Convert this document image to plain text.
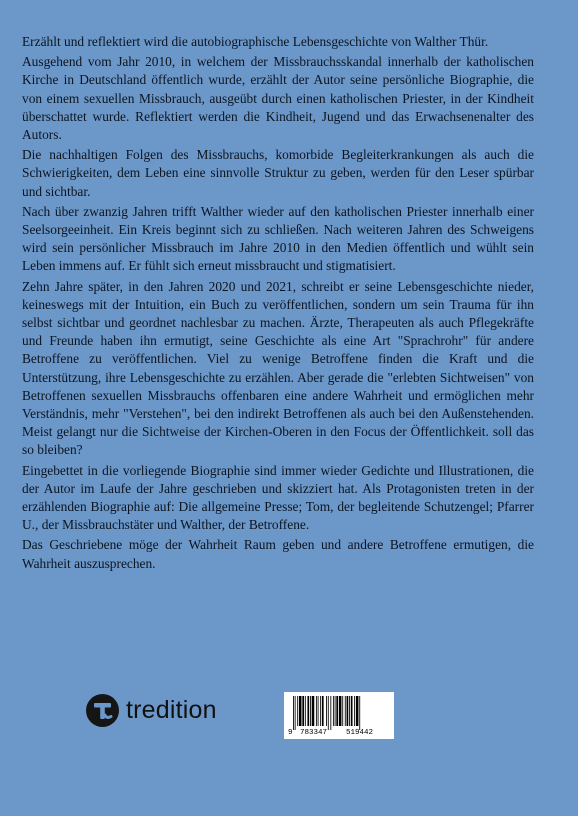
Erzählt und reflektiert wird die autobiographische Lebensgeschichte von Walther Thür.

Ausgehend vom Jahr 2010, in welchem der Missbrauchsskandal innerhalb der katholischen Kirche in Deutschland öffentlich wurde, erzählt der Autor seine persönliche Biographie, die von einem sexuellen Missbrauch, ausgeübt durch einen katholischen Priester, in der Kindheit überschattet wurde. Reflektiert werden die Kindheit, Jugend und das Erwachsenenalter des Autors.

Die nachhaltigen Folgen des Missbrauchs, komorbide Begleiterkrankungen als auch die Schwierigkeiten, dem Leben eine sinnvolle Struktur zu geben, werden für den Leser spürbar und sichtbar.

Nach über zwanzig Jahren trifft Walther wieder auf den katholischen Priester innerhalb einer Seelsorgeeinheit. Ein Kreis beginnt sich zu schließen. Nach weiteren Jahren des Schweigens wird sein persönlicher Missbrauch im Jahre 2010 in den Medien öffentlich und wühlt sein Leben immens auf. Er fühlt sich erneut missbraucht und stigmatisiert.

Zehn Jahre später, in den Jahren 2020 und 2021, schreibt er seine Lebensgeschichte nieder, keineswegs mit der Intuition, ein Buch zu veröffentlichen, sondern um sein Trauma für ihn selbst sichtbar und geordnet nachlesbar zu machen. Ärzte, Therapeuten als auch Pflegekräfte und Freunde haben ihn ermutigt, seine Geschichte als eine Art "Sprachrohr" für andere Betroffene zu veröffentlichen. Viel zu wenige Betroffene finden die Kraft und die Unterstützung, ihre Lebensgeschichte zu erzählen. Aber gerade die "erlebten Sichtweisen" von Betroffenen sexuellen Missbrauchs offenbaren eine andere Wahrheit und ermöglichen mehr Verständnis, mehr "Verstehen", bei den indirekt Betroffenen als auch bei den Außenstehenden. Meist gelangt nur die Sichtweise der Kirchen-Oberen in den Focus der Öffentlichkeit. soll das so bleiben?

Eingebettet in die vorliegende Biographie sind immer wieder Gedichte und Illustrationen, die der Autor im Laufe der Jahre geschrieben und skizziert hat. Als Protagonisten treten in der erzählenden Biographie auf: Die allgemeine Presse; Tom, der begleitende Schutzengel; Pfarrer U., der Missbrauchstäter und Walther, der Betroffene.

Das Geschriebene möge der Wahrheit Raum geben und andere Betroffene ermutigen, die Wahrheit auszusprechen.

tredition
9 783347	519442
